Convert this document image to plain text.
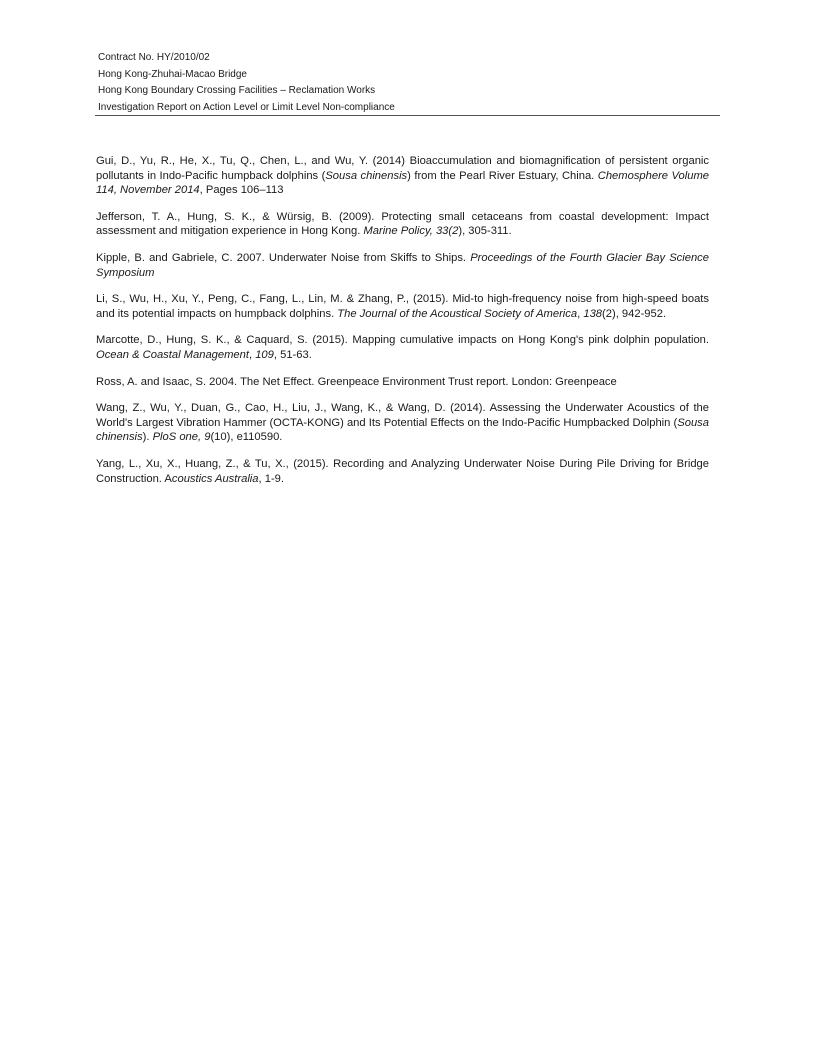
Contract No. HY/2010/02
Hong Kong-Zhuhai-Macao Bridge
Hong Kong Boundary Crossing Facilities – Reclamation Works
Investigation Report on Action Level or Limit Level Non-compliance

Gui, D., Yu, R., He, X., Tu, Q., Chen, L., and Wu, Y. (2014) Bioaccumulation and biomagnification of persistent organic pollutants in Indo-Pacific humpback dolphins (Sousa chinensis) from the Pearl River Estuary, China. Chemosphere Volume 114, November 2014, Pages 106–113

Jefferson, T. A., Hung, S. K., & Würsig, B. (2009). Protecting small cetaceans from coastal development: Impact assessment and mitigation experience in Hong Kong. Marine Policy, 33(2), 305-311.

Kipple, B. and Gabriele, C. 2007. Underwater Noise from Skiffs to Ships. Proceedings of the Fourth Glacier Bay Science Symposium

Li, S., Wu, H., Xu, Y., Peng, C., Fang, L., Lin, M. & Zhang, P., (2015). Mid-to high-frequency noise from high-speed boats and its potential impacts on humpback dolphins. The Journal of the Acoustical Society of America, 138(2), 942-952.

Marcotte, D., Hung, S. K., & Caquard, S. (2015). Mapping cumulative impacts on Hong Kong's pink dolphin population. Ocean & Coastal Management, 109, 51-63.

Ross, A. and Isaac, S. 2004. The Net Effect. Greenpeace Environment Trust report. London: Greenpeace

Wang, Z., Wu, Y., Duan, G., Cao, H., Liu, J., Wang, K., & Wang, D. (2014). Assessing the Underwater Acoustics of the World's Largest Vibration Hammer (OCTA-KONG) and Its Potential Effects on the Indo-Pacific Humpbacked Dolphin (Sousa chinensis). PloS one, 9(10), e110590.

Yang, L., Xu, X., Huang, Z., & Tu, X., (2015). Recording and Analyzing Underwater Noise During Pile Driving for Bridge Construction. Acoustics Australia, 1-9.
